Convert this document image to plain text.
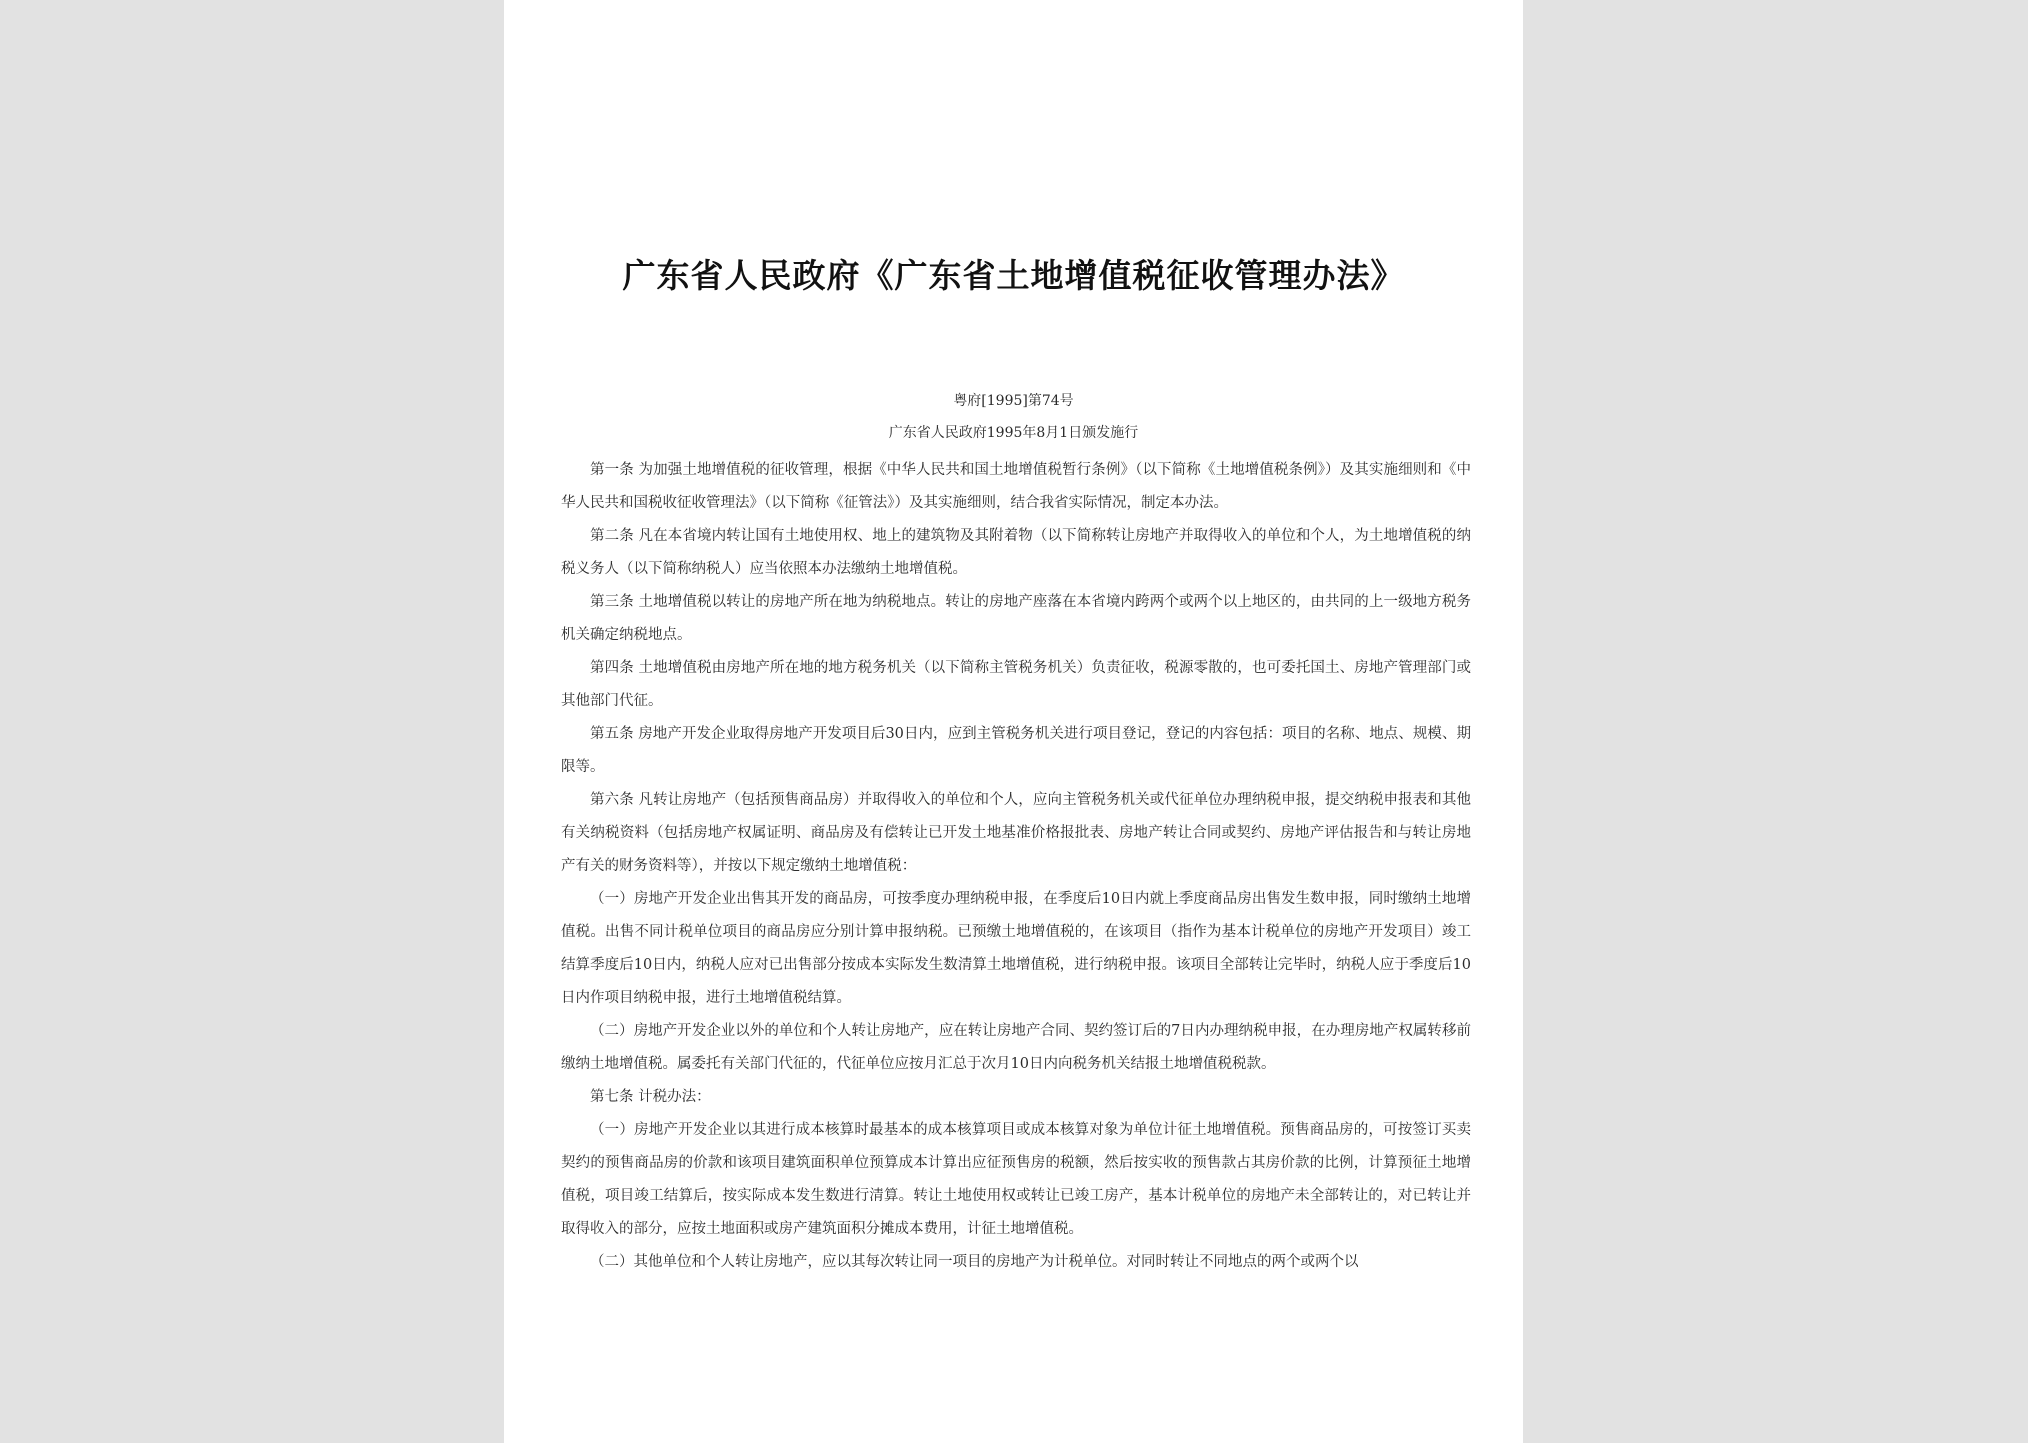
广东省人民政府《广东省土地增值税征收管理办法》
粤府[1995]第74号
广东省人民政府1995年8月1日颁发施行

第一条 为加强土地增值税的征收管理，根据《中华人民共和国土地增值税暂行条例》（以下简称《土地增值税条例》）及其实施细则和《中华人民共和国税收征收管理法》（以下简称《征管法》）及其实施细则，结合我省实际情况，制定本办法。

第二条 凡在本省境内转让国有土地使用权、地上的建筑物及其附着物（以下简称转让房地产并取得收入的单位和个人，为土地增值税的纳税义务人（以下简称纳税人）应当依照本办法缴纳土地增值税。

第三条 土地增值税以转让的房地产所在地为纳税地点。转让的房地产座落在本省境内跨两个或两个以上地区的，由共同的上一级地方税务机关确定纳税地点。

第四条 土地增值税由房地产所在地的地方税务机关（以下简称主管税务机关）负责征收，税源零散的，也可委托国土、房地产管理部门或其他部门代征。

第五条 房地产开发企业取得房地产开发项目后30日内，应到主管税务机关进行项目登记，登记的内容包括：项目的名称、地点、规模、期限等。

第六条 凡转让房地产（包括预售商品房）并取得收入的单位和个人，应向主管税务机关或代征单位办理纳税申报，提交纳税申报表和其他有关纳税资料（包括房地产权属证明、商品房及有偿转让已开发土地基准价格报批表、房地产转让合同或契约、房地产评估报告和与转让房地产有关的财务资料等），并按以下规定缴纳土地增值税：

（一）房地产开发企业出售其开发的商品房，可按季度办理纳税申报，在季度后10日内就上季度商品房出售发生数申报，同时缴纳土地增值税。出售不同计税单位项目的商品房应分别计算申报纳税。已预缴土地增值税的，在该项目（指作为基本计税单位的房地产开发项目）竣工结算季度后10日内，纳税人应对已出售部分按成本实际发生数清算土地增值税，进行纳税申报。该项目全部转让完毕时，纳税人应于季度后10日内作项目纳税申报，进行土地增值税结算。

（二）房地产开发企业以外的单位和个人转让房地产，应在转让房地产合同、契约签订后的7日内办理纳税申报，在办理房地产权属转移前缴纳土地增值税。属委托有关部门代征的，代征单位应按月汇总于次月10日内向税务机关结报土地增值税税款。

第七条 计税办法：

（一）房地产开发企业以其进行成本核算时最基本的成本核算项目或成本核算对象为单位计征土地增值税。预售商品房的，可按签订买卖契约的预售商品房的价款和该项目建筑面积单位预算成本计算出应征预售房的税额，然后按实收的预售款占其房价款的比例，计算预征土地增值税，项目竣工结算后，按实际成本发生数进行清算。转让土地使用权或转让已竣工房产，基本计税单位的房地产未全部转让的，对已转让并取得收入的部分，应按土地面积或房产建筑面积分摊成本费用，计征土地增值税。

（二）其他单位和个人转让房地产，应以其每次转让同一项目的房地产为计税单位。对同时转让不同地点的两个或两个以
